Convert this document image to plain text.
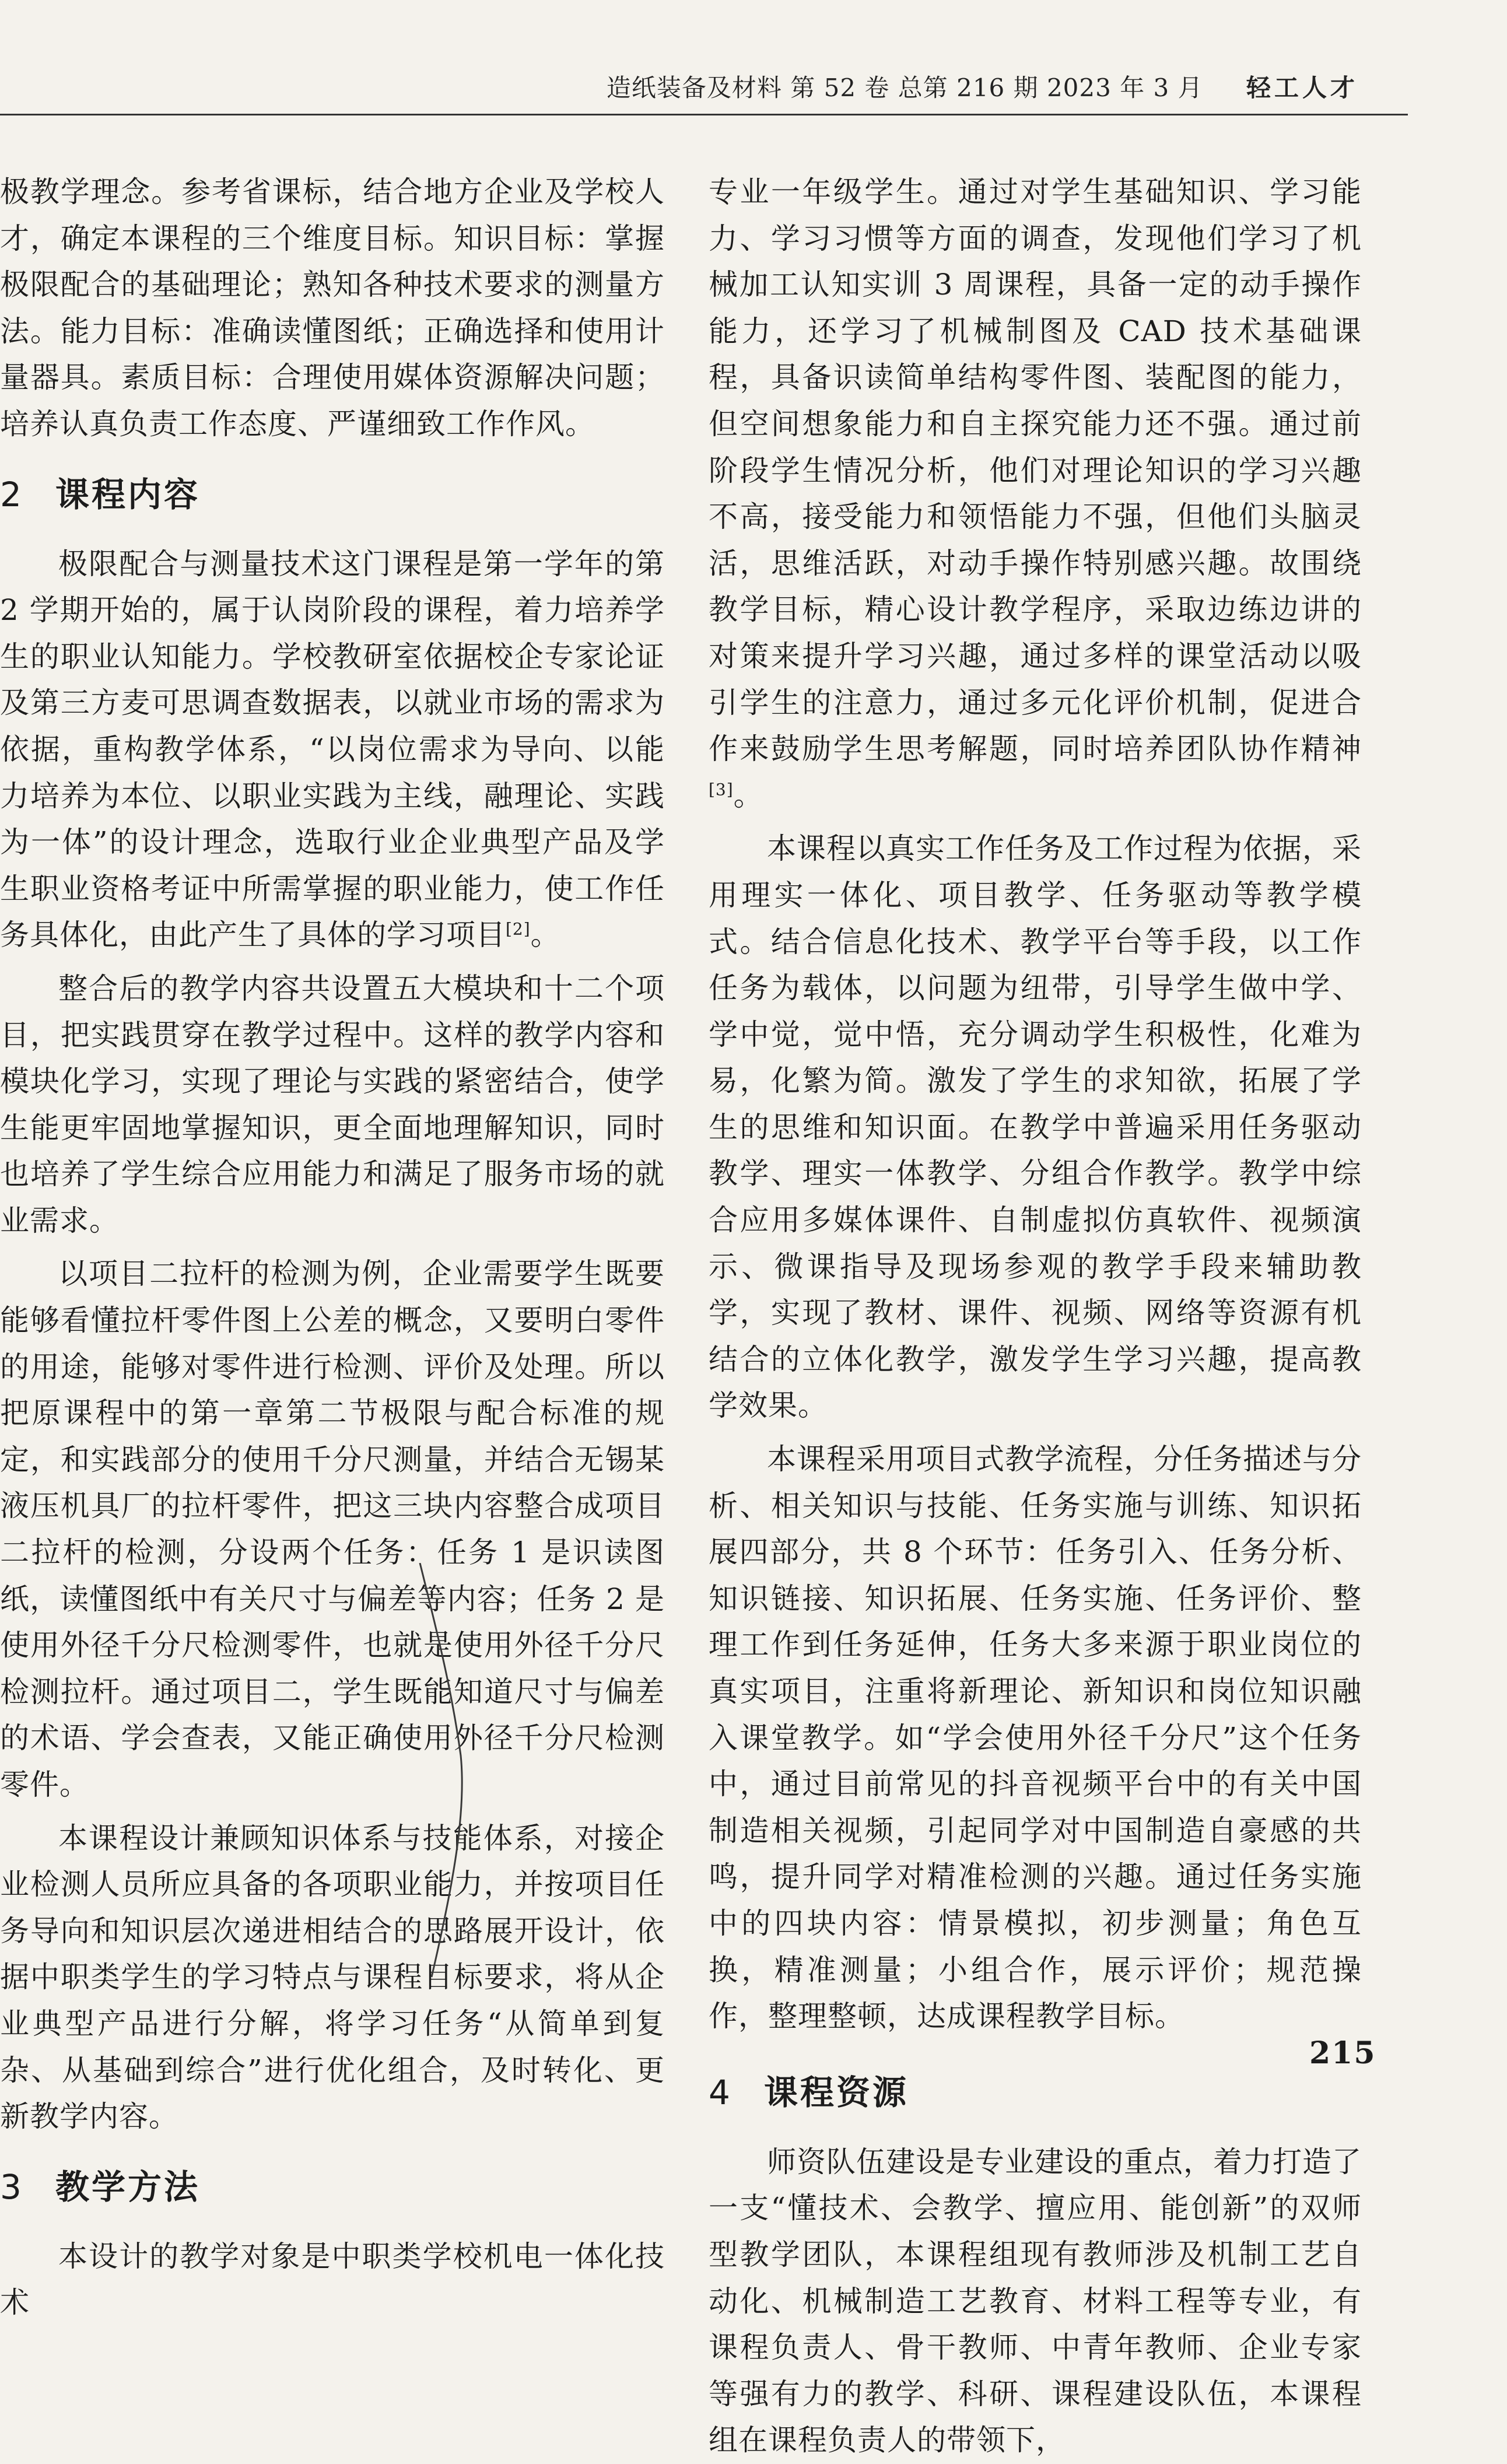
造纸装备及材料 第 52 卷 总第 216 期 2023 年 3 月 轻工人才

极教学理念。参考省课标，结合地方企业及学校人才，确定本课程的三个维度目标。知识目标：掌握极限配合的基础理论；熟知各种技术要求的测量方法。能力目标：准确读懂图纸；正确选择和使用计量器具。素质目标：合理使用媒体资源解决问题；培养认真负责工作态度、严谨细致工作作风。

2 课程内容

极限配合与测量技术这门课程是第一学年的第 2 学期开始的，属于认岗阶段的课程，着力培养学生的职业认知能力。学校教研室依据校企专家论证及第三方麦可思调查数据表，以就业市场的需求为依据，重构教学体系，“以岗位需求为导向、以能力培养为本位、以职业实践为主线，融理论、实践为一体”的设计理念，选取行业企业典型产品及学生职业资格考证中所需掌握的职业能力，使工作任务具体化，由此产生了具体的学习项目[2]。

整合后的教学内容共设置五大模块和十二个项目，把实践贯穿在教学过程中。这样的教学内容和模块化学习，实现了理论与实践的紧密结合，使学生能更牢固地掌握知识，更全面地理解知识，同时也培养了学生综合应用能力和满足了服务市场的就业需求。

以项目二拉杆的检测为例，企业需要学生既要能够看懂拉杆零件图上公差的概念，又要明白零件的用途，能够对零件进行检测、评价及处理。所以把原课程中的第一章第二节极限与配合标准的规定，和实践部分的使用千分尺测量，并结合无锡某液压机具厂的拉杆零件，把这三块内容整合成项目二拉杆的检测，分设两个任务：任务 1 是识读图纸，读懂图纸中有关尺寸与偏差等内容；任务 2 是使用外径千分尺检测零件，也就是使用外径千分尺检测拉杆。通过项目二，学生既能知道尺寸与偏差的术语、学会查表，又能正确使用外径千分尺检测零件。

本课程设计兼顾知识体系与技能体系，对接企业检测人员所应具备的各项职业能力，并按项目任务导向和知识层次递进相结合的思路展开设计，依据中职类学生的学习特点与课程目标要求，将从企业典型产品进行分解，将学习任务“从简单到复杂、从基础到综合”进行优化组合，及时转化、更新教学内容。

3 教学方法

本设计的教学对象是中职类学校机电一体化技术

专业一年级学生。通过对学生基础知识、学习能力、学习习惯等方面的调查，发现他们学习了机械加工认知实训 3 周课程，具备一定的动手操作能力，还学习了机械制图及 CAD 技术基础课程，具备识读简单结构零件图、装配图的能力，但空间想象能力和自主探究能力还不强。通过前阶段学生情况分析，他们对理论知识的学习兴趣不高，接受能力和领悟能力不强，但他们头脑灵活，思维活跃，对动手操作特别感兴趣。故围绕教学目标，精心设计教学程序，采取边练边讲的对策来提升学习兴趣，通过多样的课堂活动以吸引学生的注意力，通过多元化评价机制，促进合作来鼓励学生思考解题，同时培养团队协作精神[3]。

本课程以真实工作任务及工作过程为依据，采用理实一体化、项目教学、任务驱动等教学模式。结合信息化技术、教学平台等手段，以工作任务为载体，以问题为纽带，引导学生做中学、学中觉，觉中悟，充分调动学生积极性，化难为易，化繁为简。激发了学生的求知欲，拓展了学生的思维和知识面。在教学中普遍采用任务驱动教学、理实一体教学、分组合作教学。教学中综合应用多媒体课件、自制虚拟仿真软件、视频演示、微课指导及现场参观的教学手段来辅助教学，实现了教材、课件、视频、网络等资源有机结合的立体化教学，激发学生学习兴趣，提高教学效果。

本课程采用项目式教学流程，分任务描述与分析、相关知识与技能、任务实施与训练、知识拓展四部分，共 8 个环节：任务引入、任务分析、知识链接、知识拓展、任务实施、任务评价、整理工作到任务延伸，任务大多来源于职业岗位的真实项目，注重将新理论、新知识和岗位知识融入课堂教学。如“学会使用外径千分尺”这个任务中，通过目前常见的抖音视频平台中的有关中国制造相关视频，引起同学对中国制造自豪感的共鸣，提升同学对精准检测的兴趣。通过任务实施中的四块内容：情景模拟，初步测量；角色互换，精准测量；小组合作，展示评价；规范操作，整理整顿，达成课程教学目标。

4 课程资源

师资队伍建设是专业建设的重点，着力打造了一支“懂技术、会教学、擅应用、能创新”的双师型教学团队，本课程组现有教师涉及机制工艺自动化、机械制造工艺教育、材料工程等专业，有课程负责人、骨干教师、中青年教师、企业专家等强有力的教学、科研、课程建设队伍，本课程组在课程负责人的带领下，

215
